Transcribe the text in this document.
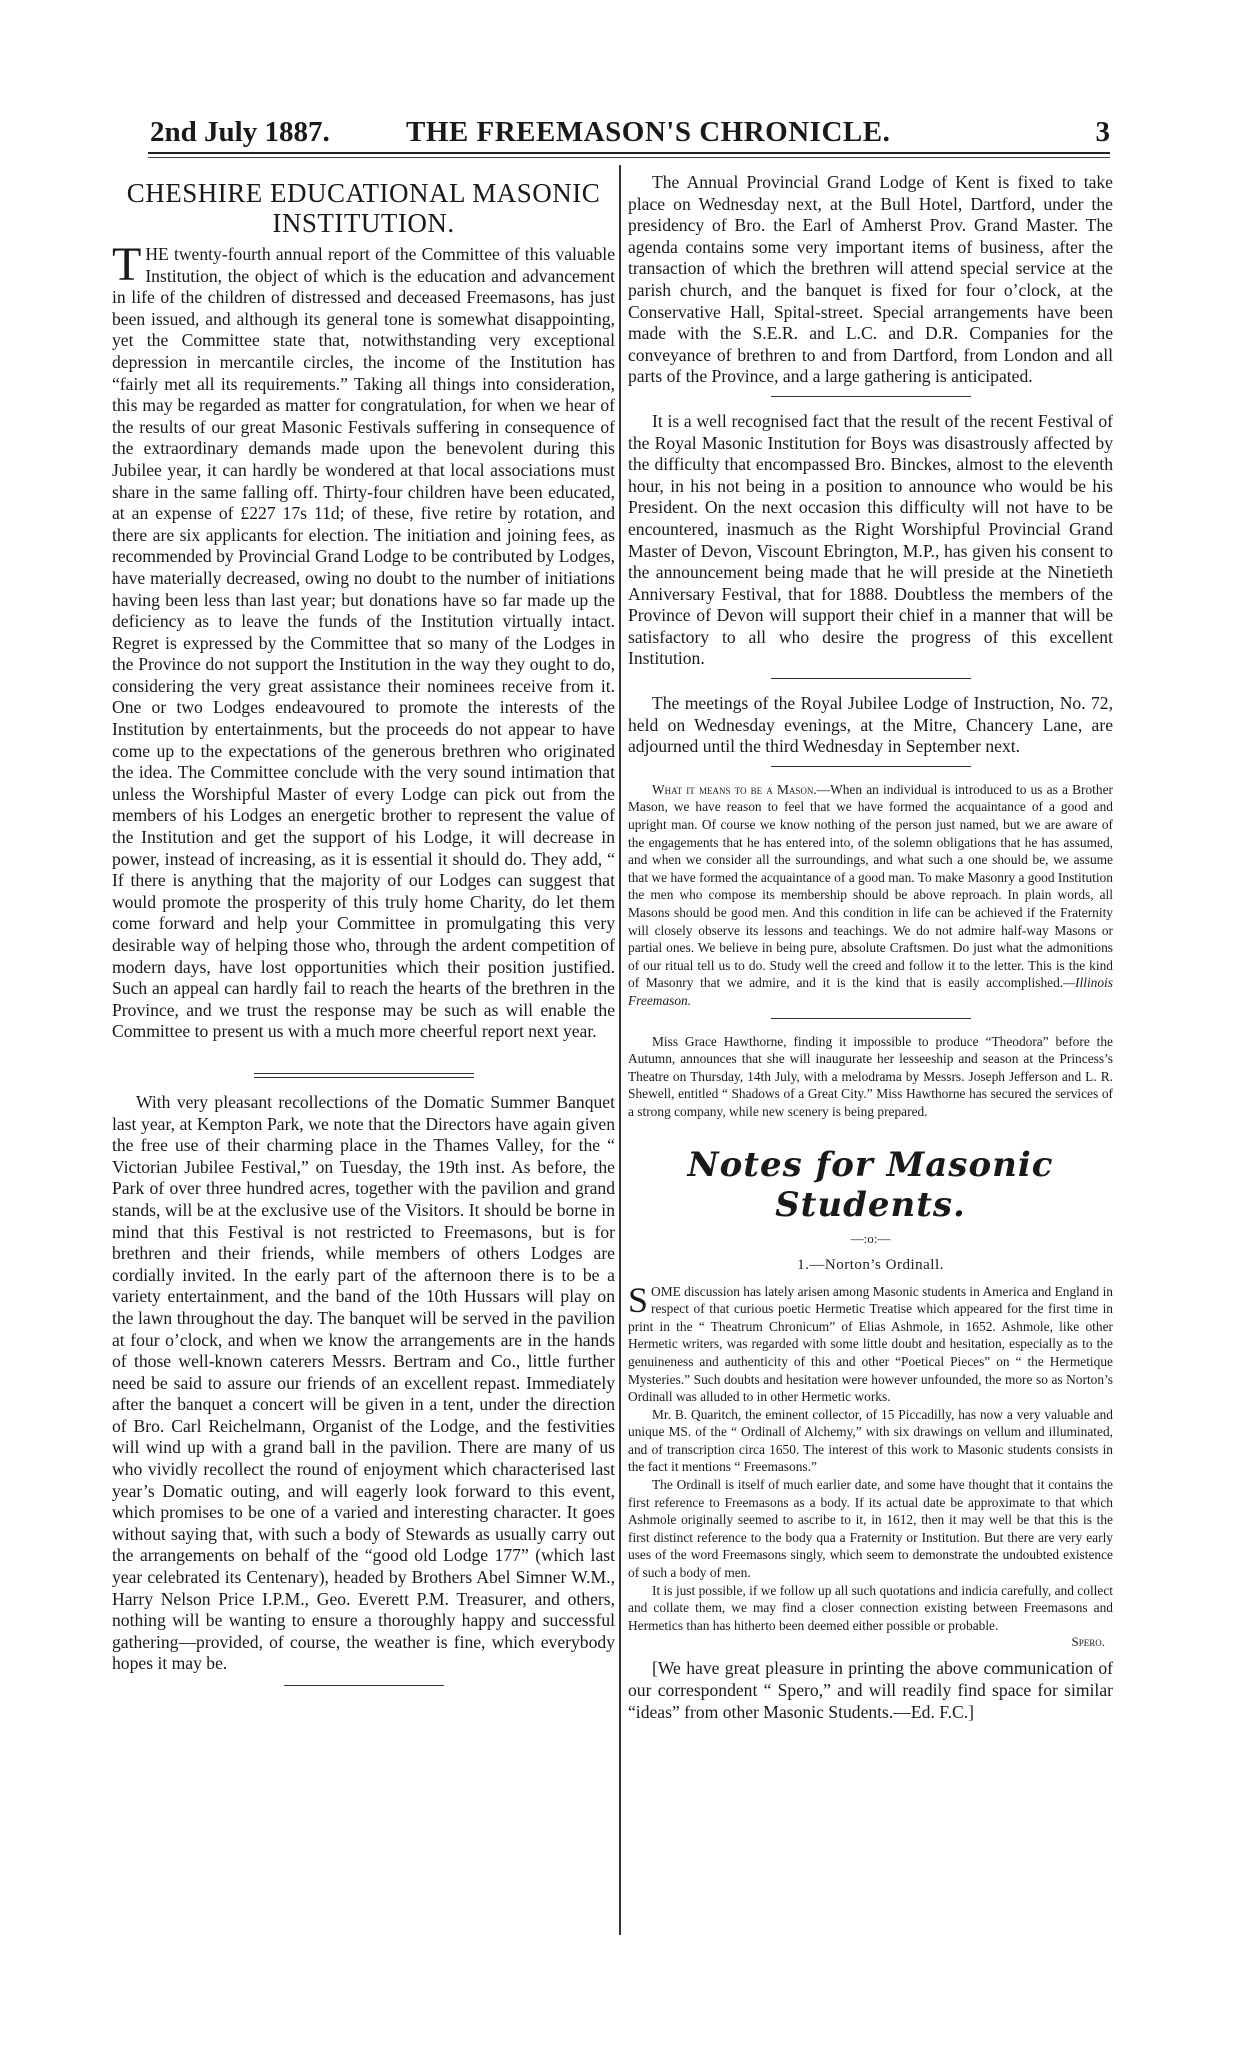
2nd July 1887.	THE FREEMASON'S CHRONICLE.	3
CHESHIRE EDUCATIONAL MASONIC INSTITUTION.

THE twenty-fourth annual report of the Committee of this valuable Institution, the object of which is the education and advancement in life of the children of distressed and deceased Freemasons, has just been issued, and although its general tone is somewhat disappointing, yet the Committee state that, notwithstanding very exceptional depression in mercantile circles, the income of the Institution has “fairly met all its requirements.” Taking all things into consideration, this may be regarded as matter for congratulation, for when we hear of the results of our great Masonic Festivals suffering in consequence of the extraordinary demands made upon the benevolent during this Jubilee year, it can hardly be wondered at that local associations must share in the same falling off. Thirty-four children have been educated, at an expense of £227 17s 11d; of these, five retire by rotation, and there are six applicants for election. The initiation and joining fees, as recommended by Provincial Grand Lodge to be contributed by Lodges, have materially decreased, owing no doubt to the number of initiations having been less than last year; but donations have so far made up the deficiency as to leave the funds of the Institution virtually intact. Regret is expressed by the Committee that so many of the Lodges in the Province do not support the Institution in the way they ought to do, considering the very great assistance their nominees receive from it. One or two Lodges endeavoured to promote the interests of the Institution by entertainments, but the proceeds do not appear to have come up to the expectations of the generous brethren who originated the idea. The Committee conclude with the very sound intimation that unless the Worshipful Master of every Lodge can pick out from the members of his Lodges an energetic brother to represent the value of the Institution and get the support of his Lodge, it will decrease in power, instead of increasing, as it is essential it should do. They add, “ If there is anything that the majority of our Lodges can suggest that would promote the prosperity of this truly home Charity, do let them come forward and help your Committee in promulgating this very desirable way of helping those who, through the ardent competition of modern days, have lost opportunities which their position justified. Such an appeal can hardly fail to reach the hearts of the brethren in the Province, and we trust the response may be such as will enable the Committee to present us with a much more cheerful report next year.

With very pleasant recollections of the Domatic Summer Banquet last year, at Kempton Park, we note that the Directors have again given the free use of their charming place in the Thames Valley, for the “ Victorian Jubilee Festival,” on Tuesday, the 19th inst. As before, the Park of over three hundred acres, together with the pavilion and grand stands, will be at the exclusive use of the Visitors. It should be borne in mind that this Festival is not restricted to Freemasons, but is for brethren and their friends, while members of others Lodges are cordially invited. In the early part of the afternoon there is to be a variety entertainment, and the band of the 10th Hussars will play on the lawn throughout the day. The banquet will be served in the pavilion at four o’clock, and when we know the arrangements are in the hands of those well-known caterers Messrs. Bertram and Co., little further need be said to assure our friends of an excellent repast. Immediately after the banquet a concert will be given in a tent, under the direction of Bro. Carl Reichelmann, Organist of the Lodge, and the festivities will wind up with a grand ball in the pavilion. There are many of us who vividly recollect the round of enjoyment which characterised last year’s Domatic outing, and will eagerly look forward to this event, which promises to be one of a varied and interesting character. It goes without saying that, with such a body of Stewards as usually carry out the arrangements on behalf of the “good old Lodge 177” (which last year celebrated its Centenary), headed by Brothers Abel Simner W.M., Harry Nelson Price I.P.M., Geo. Everett P.M. Treasurer, and others, nothing will be wanting to ensure a thoroughly happy and successful gathering—provided, of course, the weather is fine, which everybody hopes it may be.

The Annual Provincial Grand Lodge of Kent is fixed to take place on Wednesday next, at the Bull Hotel, Dartford, under the presidency of Bro. the Earl of Amherst Prov. Grand Master. The agenda contains some very important items of business, after the transaction of which the brethren will attend special service at the parish church, and the banquet is fixed for four o’clock, at the Conservative Hall, Spital-street. Special arrangements have been made with the S.E.R. and L.C. and D.R. Companies for the conveyance of brethren to and from Dartford, from London and all parts of the Province, and a large gathering is anticipated.

It is a well recognised fact that the result of the recent Festival of the Royal Masonic Institution for Boys was disastrously affected by the difficulty that encompassed Bro. Binckes, almost to the eleventh hour, in his not being in a position to announce who would be his President. On the next occasion this difficulty will not have to be encountered, inasmuch as the Right Worshipful Provincial Grand Master of Devon, Viscount Ebrington, M.P., has given his consent to the announcement being made that he will preside at the Ninetieth Anniversary Festival, that for 1888. Doubtless the members of the Province of Devon will support their chief in a manner that will be satisfactory to all who desire the progress of this excellent Institution.

The meetings of the Royal Jubilee Lodge of Instruction, No. 72, held on Wednesday evenings, at the Mitre, Chancery Lane, are adjourned until the third Wednesday in September next.

What it means to be a Mason.—When an individual is introduced to us as a Brother Mason, we have reason to feel that we have formed the acquaintance of a good and upright man. Of course we know nothing of the person just named, but we are aware of the engagements that he has entered into, of the solemn obligations that he has assumed, and when we consider all the surroundings, and what such a one should be, we assume that we have formed the acquaintance of a good man. To make Masonry a good Institution the men who compose its membership should be above reproach. In plain words, all Masons should be good men. And this condition in life can be achieved if the Fraternity will closely observe its lessons and teachings. We do not admire half-way Masons or partial ones. We believe in being pure, absolute Craftsmen. Do just what the admonitions of our ritual tell us to do. Study well the creed and follow it to the letter. This is the kind of Masonry that we admire, and it is the kind that is easily accomplished.—Illinois Freemason.

Miss Grace Hawthorne, finding it impossible to produce “Theodora” before the Autumn, announces that she will inaugurate her lesseeship and season at the Princess’s Theatre on Thursday, 14th July, with a melodrama by Messrs. Joseph Jefferson and L. R. Shewell, entitled “ Shadows of a Great City.” Miss Hawthorne has secured the services of a strong company, while new scenery is being prepared.

Notes for Masonic Students.
—:o:—
1.—Norton’s Ordinall.

SOME discussion has lately arisen among Masonic students in America and England in respect of that curious poetic Hermetic Treatise which appeared for the first time in print in the “ Theatrum Chronicum” of Elias Ashmole, in 1652. Ashmole, like other Hermetic writers, was regarded with some little doubt and hesitation, especially as to the genuineness and authenticity of this and other “Poetical Pieces” on “ the Hermetique Mysteries.” Such doubts and hesitation were however unfounded, the more so as Norton’s Ordinall was alluded to in other Hermetic works.

Mr. B. Quaritch, the eminent collector, of 15 Piccadilly, has now a very valuable and unique MS. of the “ Ordinall of Alchemy,” with six drawings on vellum and illuminated, and of transcription circa 1650. The interest of this work to Masonic students consists in the fact it mentions “ Freemasons.”

The Ordinall is itself of much earlier date, and some have thought that it contains the first reference to Freemasons as a body. If its actual date be approximate to that which Ashmole originally seemed to ascribe to it, in 1612, then it may well be that this is the first distinct reference to the body qua a Fraternity or Institution. But there are very early uses of the word Freemasons singly, which seem to demonstrate the undoubted existence of such a body of men.

It is just possible, if we follow up all such quotations and indicia carefully, and collect and collate them, we may find a closer connection existing between Freemasons and Hermetics than has hitherto been deemed either possible or probable.

Spero.

[We have great pleasure in printing the above communication of our correspondent “ Spero,” and will readily find space for similar “ideas” from other Masonic Students.—Ed. F.C.]
